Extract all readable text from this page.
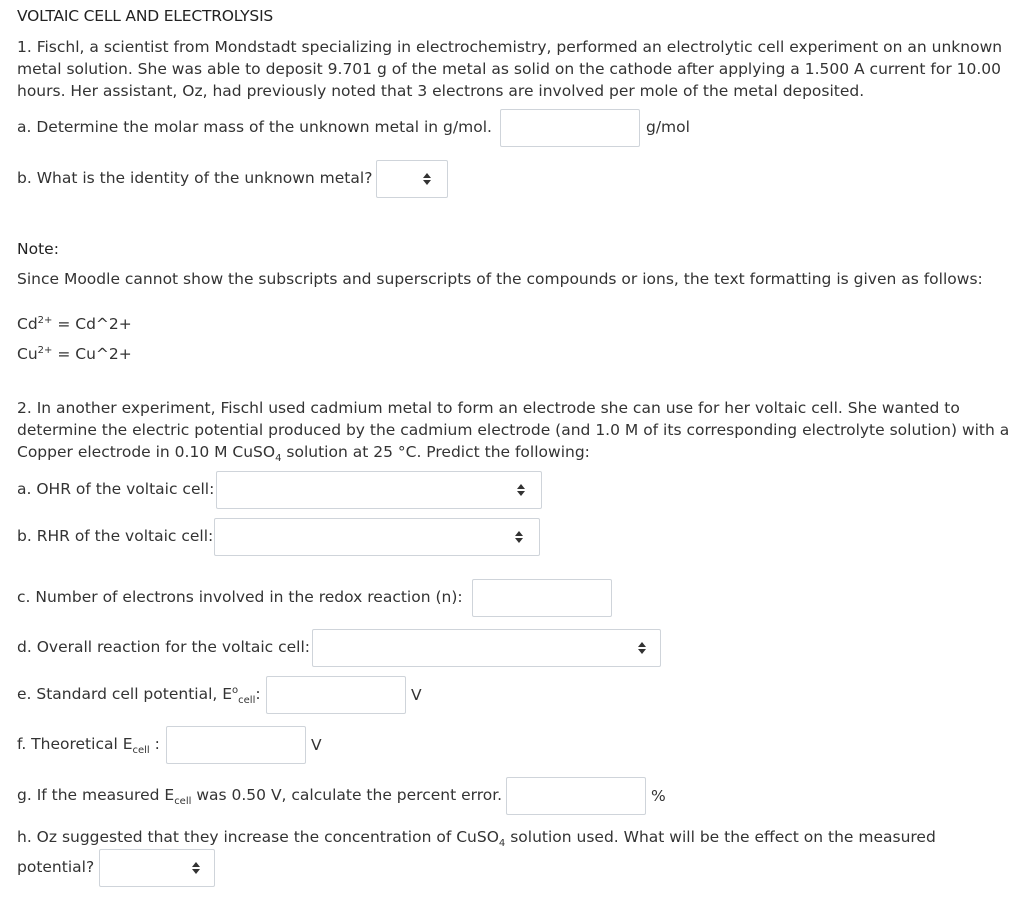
VOLTAIC CELL AND ELECTROLYSIS
1. Fischl, a scientist from Mondstadt specializing in electrochemistry, performed an electrolytic cell experiment on an unknown metal solution. She was able to deposit 9.701 g of the metal as solid on the cathode after applying a 1.500 A current for 10.00 hours. Her assistant, Oz, had previously noted that 3 electrons are involved per mole of the metal deposited.
a. Determine the molar mass of the unknown metal in g/mol.	g/mol
b. What is the identity of the unknown metal?
Note:
Since Moodle cannot show the subscripts and superscripts of the compounds or ions, the text formatting is given as follows:
$Cd^{2+}$ = Cd^2+
$Cu^{2+}$ = Cu^2+
2. In another experiment, Fischl used cadmium metal to form an electrode she can use for her voltaic cell. She wanted to determine the electric potential produced by the cadmium electrode (and 1.0 M of its corresponding electrolyte solution) with a Copper electrode in 0.10 M CuSO$_4$ solution at 25 °C. Predict the following:
a. OHR of the voltaic cell:
b. RHR of the voltaic cell:
c. Number of electrons involved in the redox reaction (n):
d. Overall reaction for the voltaic cell:
e. Standard cell potential, $E^o_{cell}$:	V
f. Theoretical $E_{cell}$ :	V
g. If the measured $E_{cell}$ was 0.50 V, calculate the percent error.	%
h. Oz suggested that they increase the concentration of CuSO$_4$ solution used. What will be the effect on the measured
potential?
